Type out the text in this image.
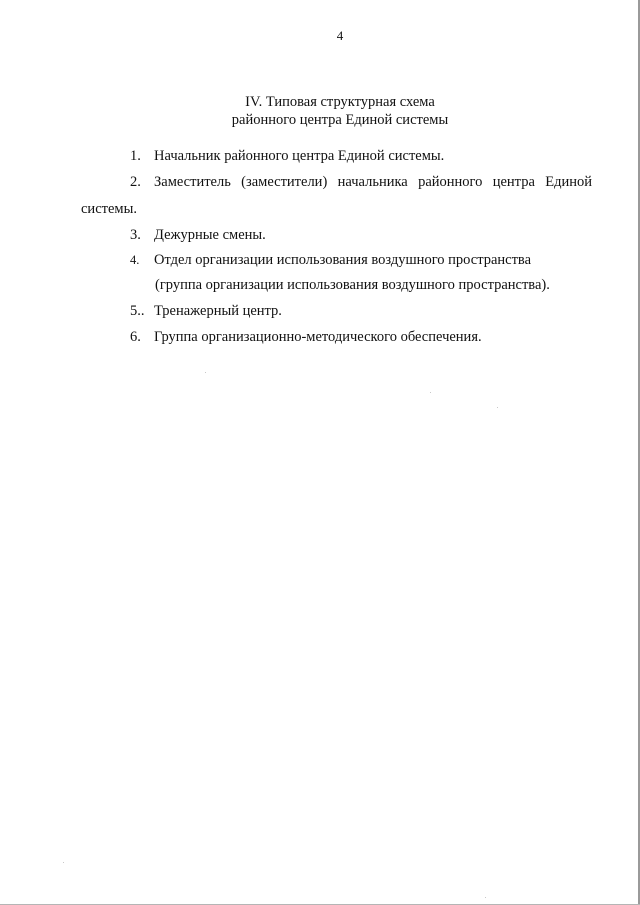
4
IV. Типовая структурная схема
районного центра Единой системы
1. Начальник районного центра Единой системы.
2. Заместитель (заместители) начальника районного центра Единой
системы.
3. Дежурные смены.
4. Отдел организации использования воздушного пространства
(группа организации использования воздушного пространства).
5.. Тренажерный центр.
6. Группа организационно-методического обеспечения.
